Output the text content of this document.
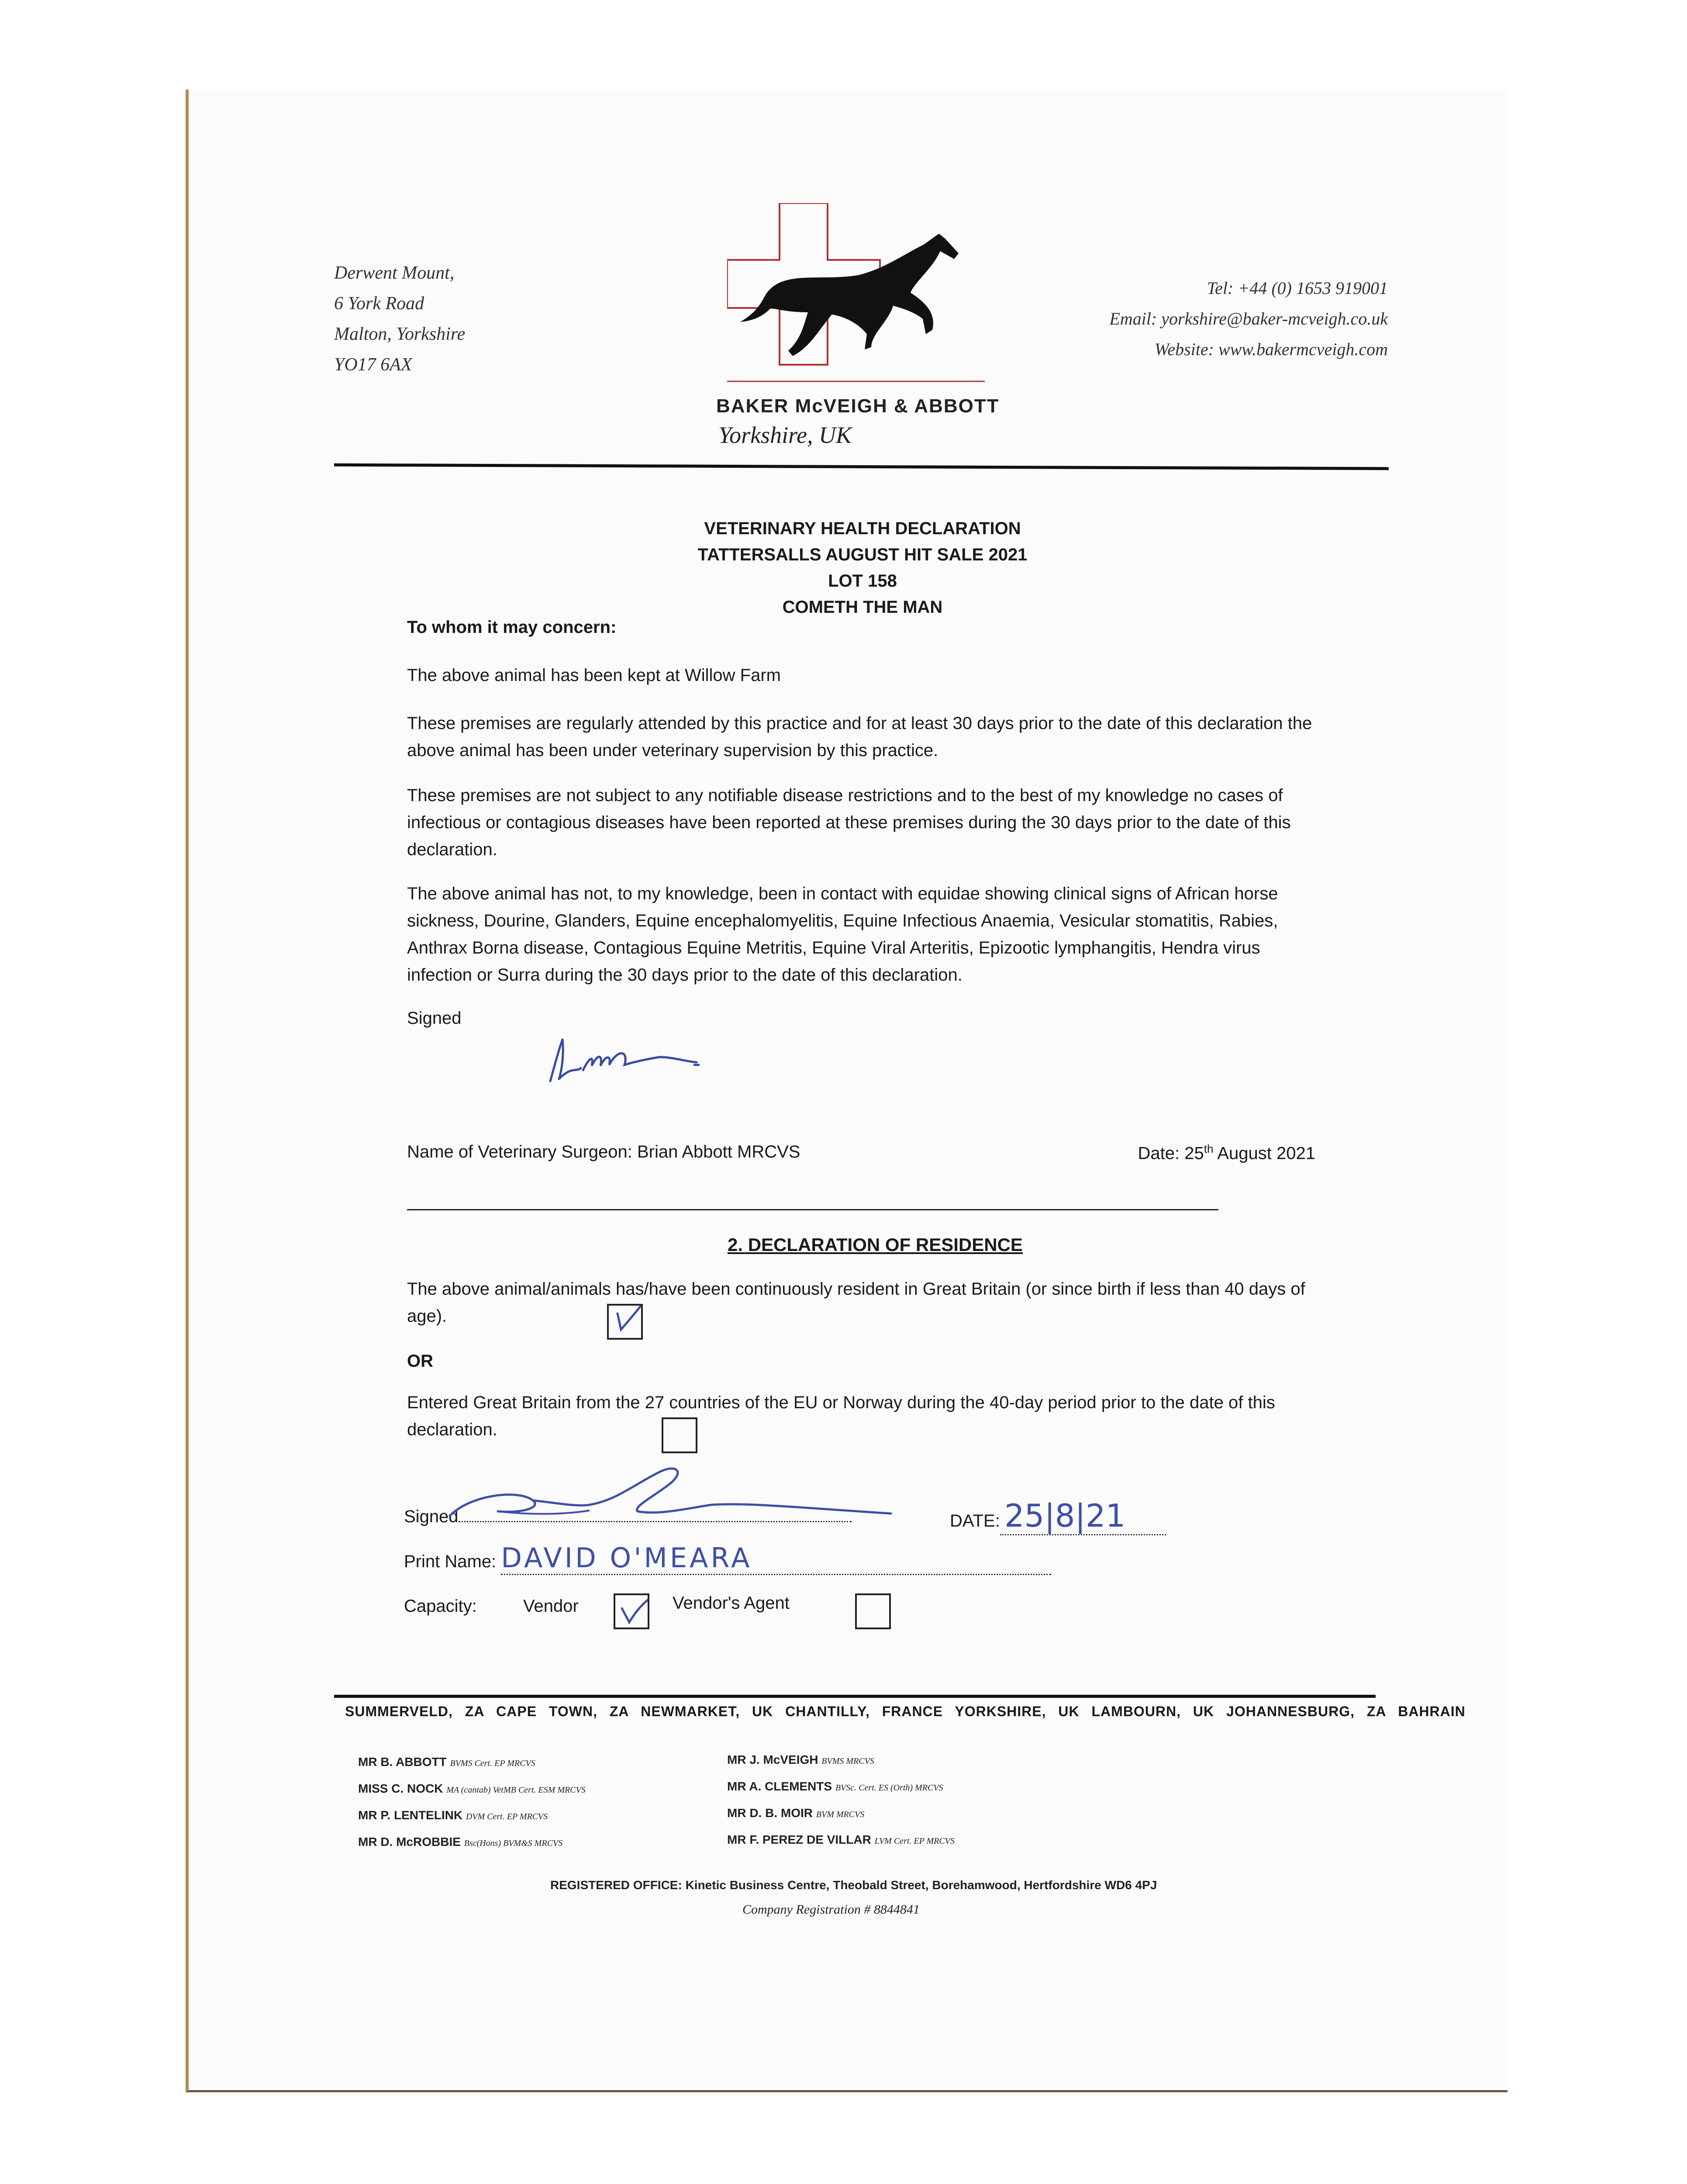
Derwent Mount,
6 York Road
Malton, Yorkshire
YO17 6AX
BAKER McVEIGH & ABBOTT
Yorkshire, UK
Tel: +44 (0) 1653 919001
Email: yorkshire@baker-mcveigh.co.uk
Website: www.bakermcveigh.com
VETERINARY HEALTH DECLARATION
TATTERSALLS AUGUST HIT SALE 2021
LOT 158
COMETH THE MAN
To whom it may concern:
The above animal has been kept at Willow Farm
These premises are regularly attended by this practice and for at least 30 days prior to the date of this declaration the above animal has been under veterinary supervision by this practice.
These premises are not subject to any notifiable disease restrictions and to the best of my knowledge no cases of infectious or contagious diseases have been reported at these premises during the 30 days prior to the date of this declaration.
The above animal has not, to my knowledge, been in contact with equidae showing clinical signs of African horse sickness, Dourine, Glanders, Equine encephalomyelitis, Equine Infectious Anaemia, Vesicular stomatitis, Rabies, Anthrax Borna disease, Contagious Equine Metritis, Equine Viral Arteritis, Epizootic lymphangitis, Hendra virus infection or Surra during the 30 days prior to the date of this declaration.
Signed
Name of Veterinary Surgeon: Brian Abbott MRCVS	Date: 25th August 2021
2. DECLARATION OF RESIDENCE
The above animal/animals has/have been continuously resident in Great Britain (or since birth if less than 40 days of age).
OR
Entered Great Britain from the 27 countries of the EU or Norway during the 40-day period prior to the date of this declaration.
Signed	DATE: 25|8|21
Print Name: DAVID O'MEARA
Capacity:	Vendor	Vendor's Agent
SUMMERVELD, ZA CAPE TOWN, ZA NEWMARKET, UK CHANTILLY, FRANCE YORKSHIRE, UK LAMBOURN, UK JOHANNESBURG, ZA BAHRAIN
MR B. ABBOTT BVMS Cert. EP MRCVS
MISS C. NOCK MA (cantab) VetMB Cert. ESM MRCVS
MR P. LENTELINK DVM Cert. EP MRCVS
MR D. McROBBIE Bsc(Hons) BVM&S MRCVS
MR J. McVEIGH BVMS MRCVS
MR A. CLEMENTS BVSc. Cert. ES (Orth) MRCVS
MR D. B. MOIR BVM MRCVS
MR F. PEREZ DE VILLAR LVM Cert. EP MRCVS
REGISTERED OFFICE: Kinetic Business Centre, Theobald Street, Borehamwood, Hertfordshire WD6 4PJ
Company Registration # 8844841
